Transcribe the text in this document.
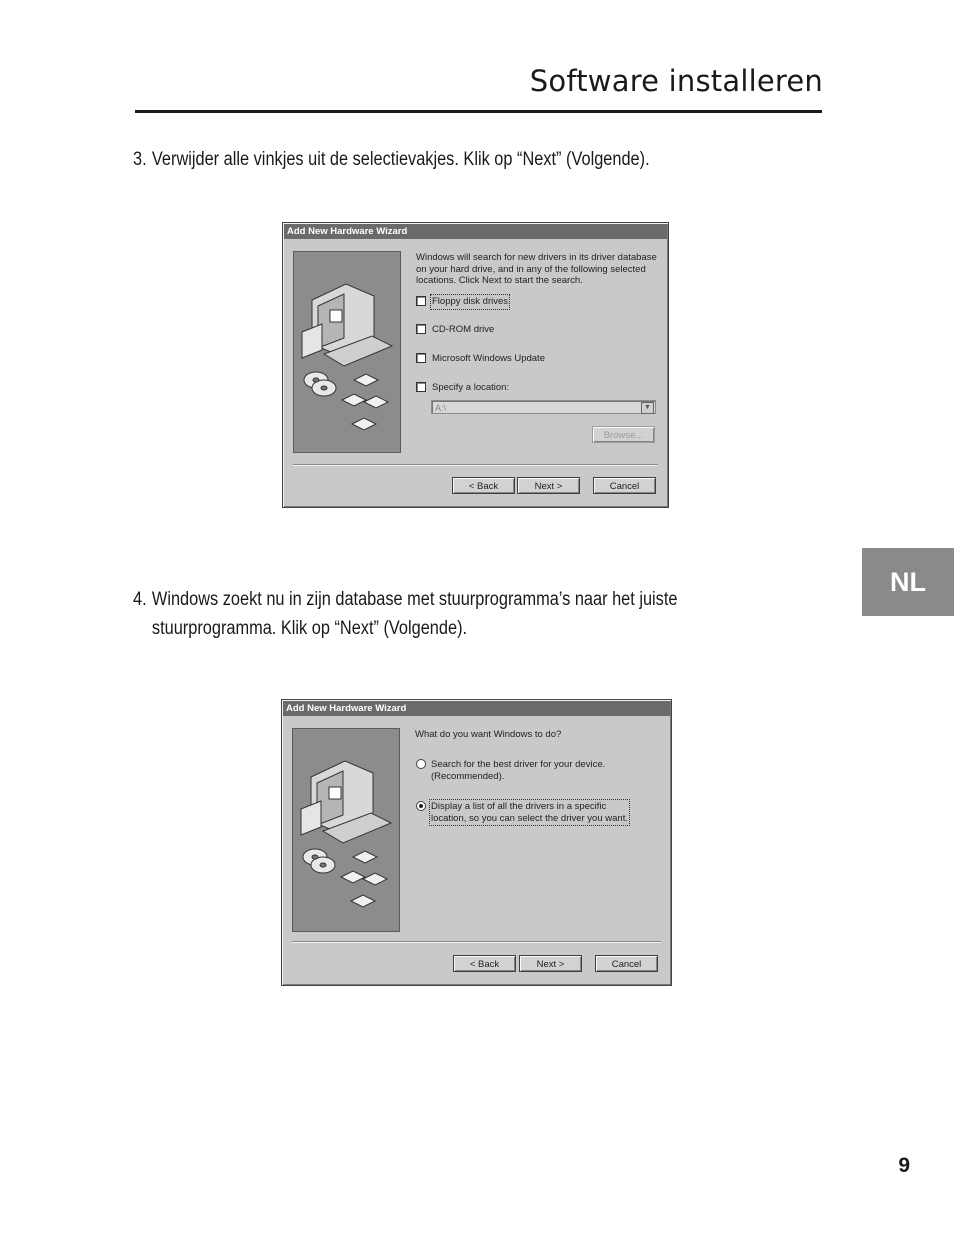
Software installeren
3. Verwijder alle vinkjes uit de selectievakjes. Klik op “Next” (Volgende).
Add New Hardware Wizard
Windows will search for new drivers in its driver database
on your hard drive, and in any of the following selected
locations. Click Next to start the search.
Floppy disk drives
CD-ROM drive
Microsoft Windows Update
Specify a location:
A:\	▼
Browse...
< Back	Next >	Cancel
NL
4. Windows zoekt nu in zijn database met stuurprogramma’s naar het juiste
stuurprogramma. Klik op “Next” (Volgende).
Add New Hardware Wizard
What do you want Windows to do?
Search for the best driver for your device.
(Recommended).
Display a list of all the drivers in a specific
location, so you can select the driver you want.
< Back	Next >	Cancel
9
